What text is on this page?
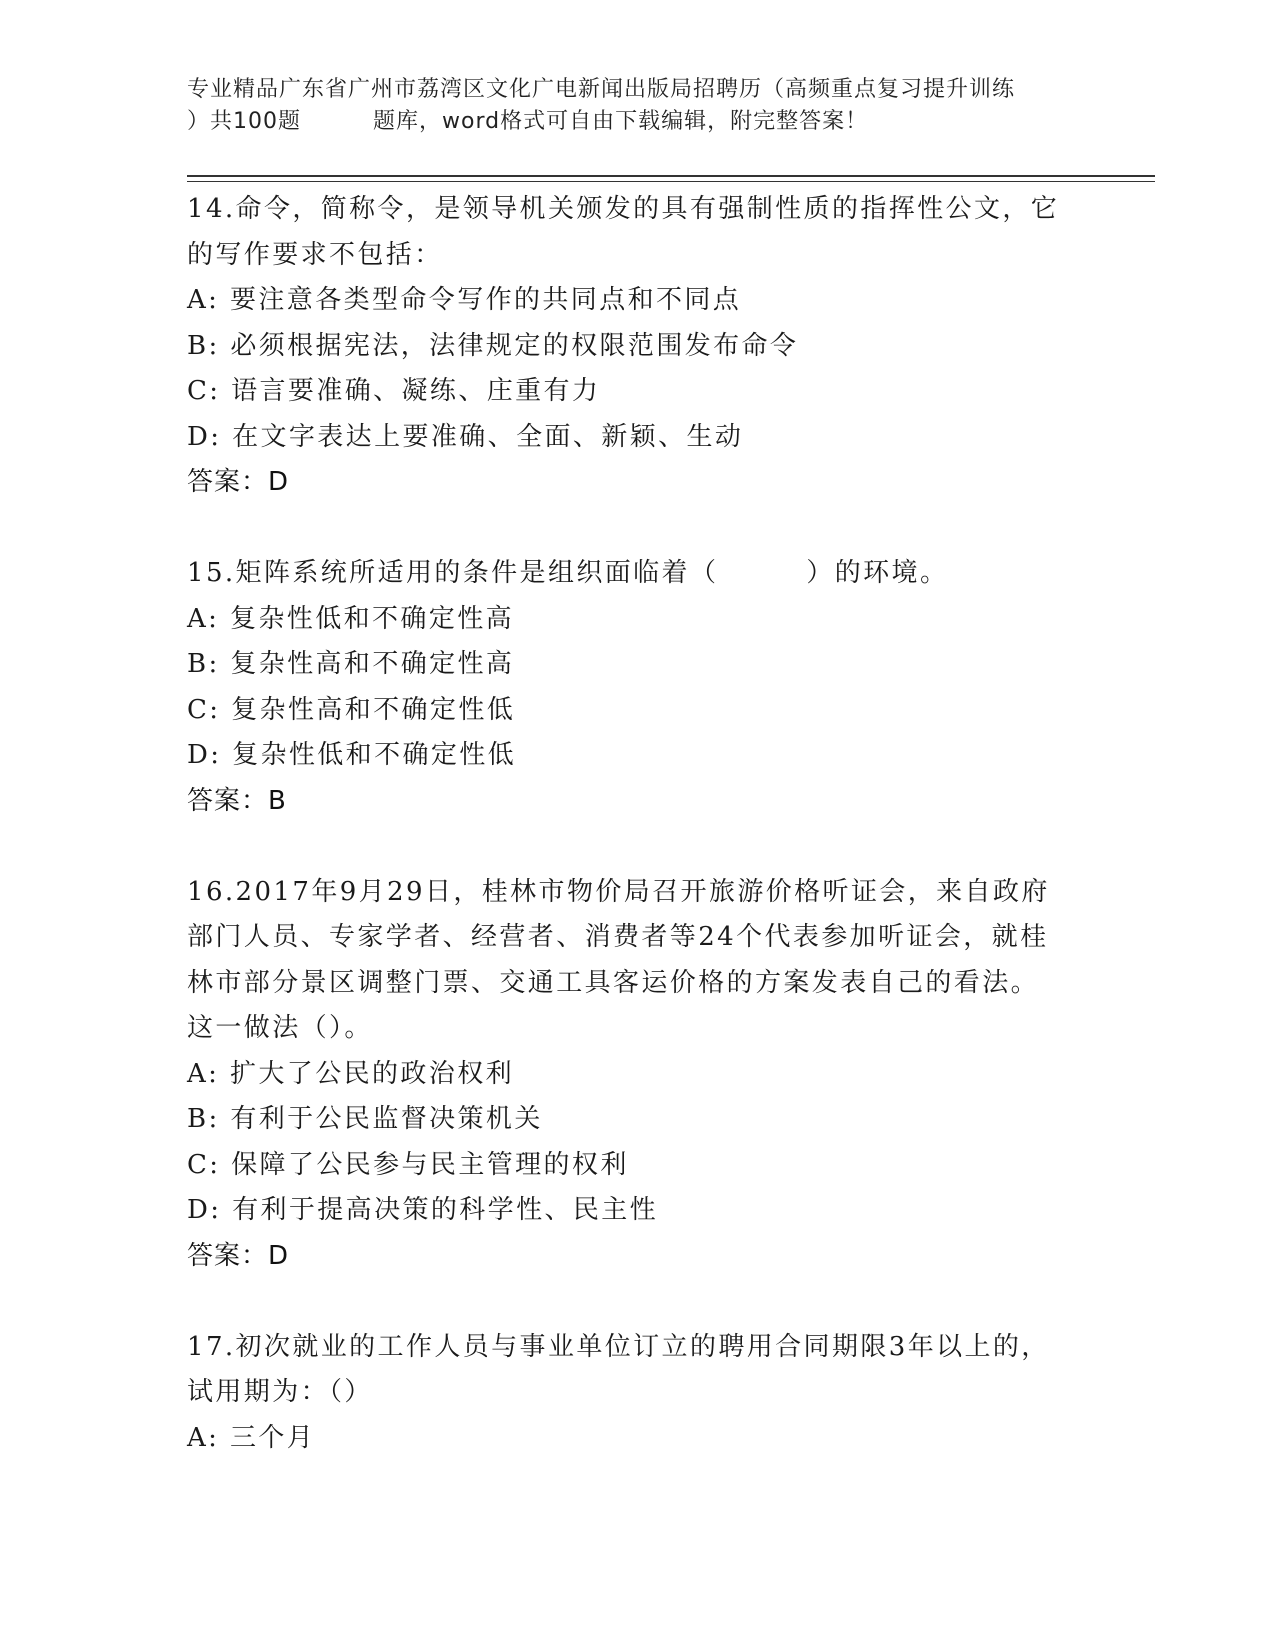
专业精品广东省广州市荔湾区文化广电新闻出版局招聘历（高频重点复习提升训练
）共100题	题库，word格式可自由下载编辑，附完整答案！

14.命令，简称令，是领导机关颁发的具有强制性质的指挥性公文，它

的写作要求不包括：

A: 要注意各类型命令写作的共同点和不同点

B: 必须根据宪法，法律规定的权限范围发布命令

C: 语言要准确、凝练、庄重有力

D: 在文字表达上要准确、全面、新颖、生动

答案：D

15.矩阵系统所适用的条件是组织面临着（	）的环境。

A: 复杂性低和不确定性高

B: 复杂性高和不确定性高

C: 复杂性高和不确定性低

D: 复杂性低和不确定性低

答案：B

16.2017年9月29日，桂林市物价局召开旅游价格听证会，来自政府

部门人员、专家学者、经营者、消费者等24个代表参加听证会，就桂

林市部分景区调整门票、交通工具客运价格的方案发表自己的看法。

这一做法（）。

A: 扩大了公民的政治权利

B: 有利于公民监督决策机关

C: 保障了公民参与民主管理的权利

D: 有利于提高决策的科学性、民主性

答案：D

17.初次就业的工作人员与事业单位订立的聘用合同期限3年以上的，

试用期为：（）

A: 三个月
